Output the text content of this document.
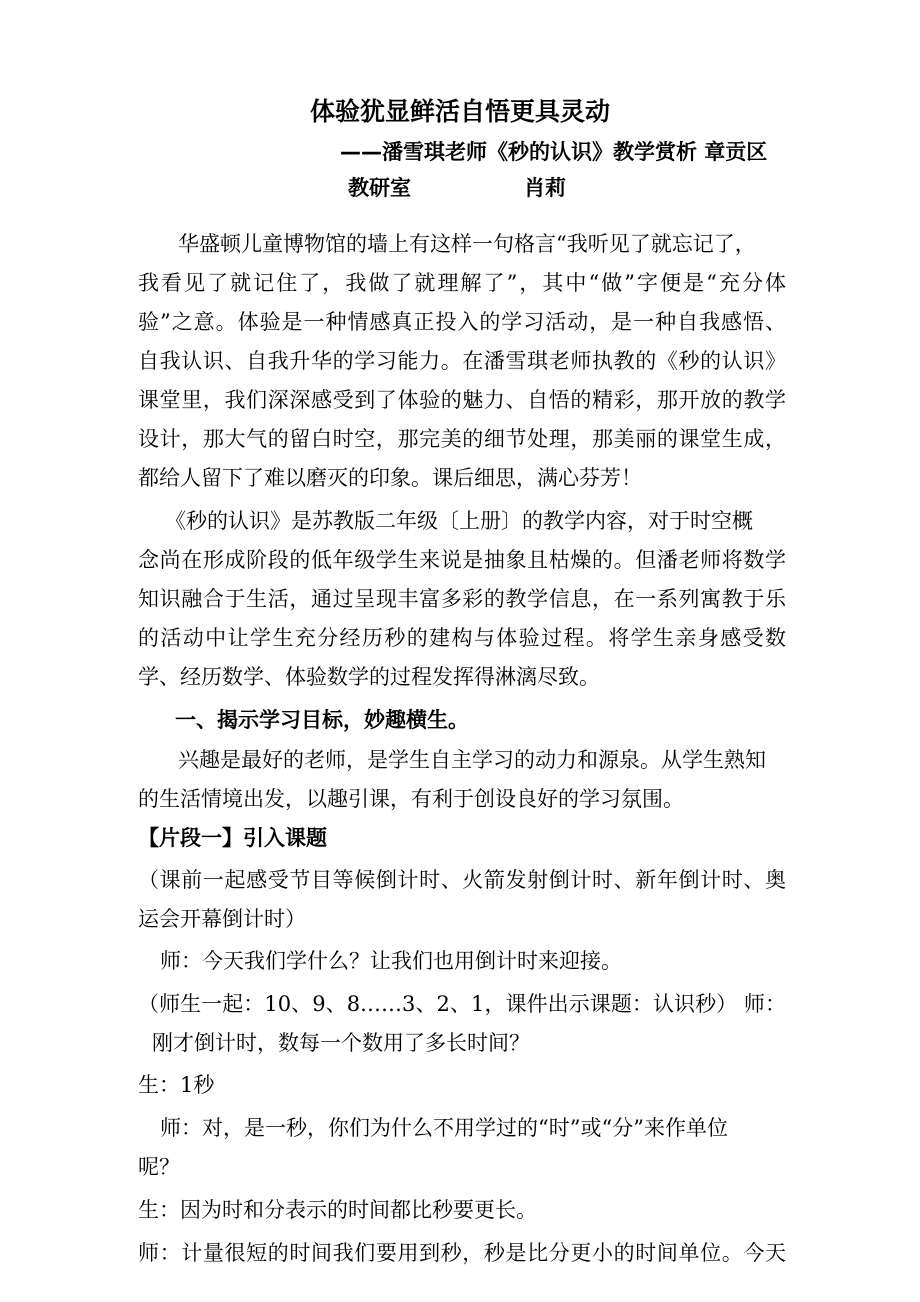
体验犹显鲜活自悟更具灵动
——潘雪琪老师《秒的认识》教学赏析 章贡区
教研室	肖莉
华盛顿儿童博物馆的墙上有这样一句格言“我听见了就忘记了，
我看见了就记住了，我做了就理解了”，其中“做”字便是“充分体
验”之意。体验是一种情感真正投入的学习活动，是一种自我感悟、
自我认识、自我升华的学习能力。在潘雪琪老师执教的《秒的认识》
课堂里，我们深深感受到了体验的魅力、自悟的精彩，那开放的教学
设计，那大气的留白时空，那完美的细节处理，那美丽的课堂生成，
都给人留下了难以磨灭的印象。课后细思，满心芬芳！
《秒的认识》是苏教版二年级〔上册〕的教学内容，对于时空概
念尚在形成阶段的低年级学生来说是抽象且枯燥的。但潘老师将数学
知识融合于生活，通过呈现丰富多彩的教学信息，在一系列寓教于乐
的活动中让学生充分经历秒的建构与体验过程。将学生亲身感受数
学、经历数学、体验数学的过程发挥得淋漓尽致。
一、揭示学习目标，妙趣横生。
兴趣是最好的老师，是学生自主学习的动力和源泉。从学生熟知
的生活情境出发，以趣引课，有利于创设良好的学习氛围。
【片段一】引入课题
（课前一起感受节目等候倒计时、火箭发射倒计时、新年倒计时、奥
运会开幕倒计时）
师：今天我们学什么？让我们也用倒计时来迎接。
（师生一起：10、9、8……3、2、1，课件出示课题：认识秒） 师：
刚才倒计时，数每一个数用了多长时间？
生：1秒
师：对，是一秒，你们为什么不用学过的“时”或“分”来作单位
呢？
生：因为时和分表示的时间都比秒要更长。
师：计量很短的时间我们要用到秒，秒是比分更小的时间单位。今天
